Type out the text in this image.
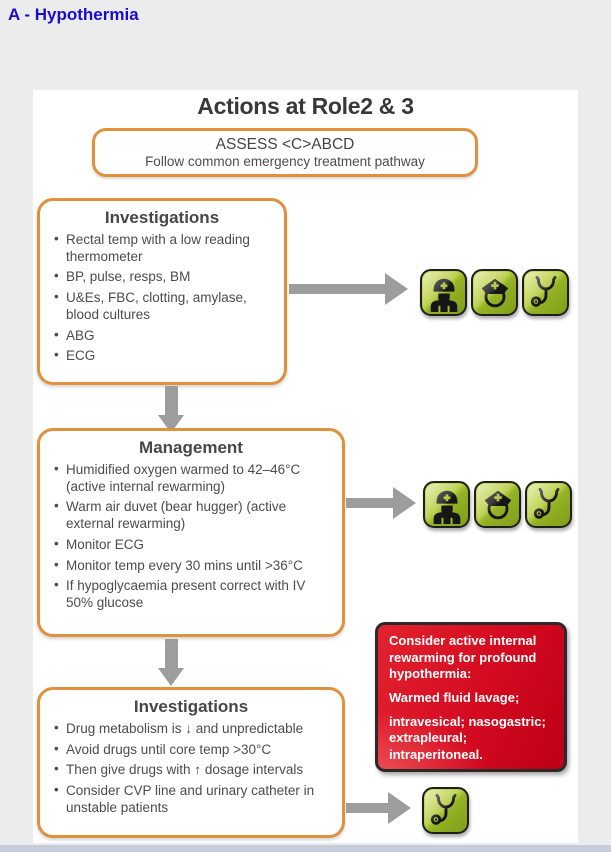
A - Hypothermia
Actions at Role2 & 3
ASSESS <C>ABCD
Follow common emergency treatment pathway
Investigations
• Rectal temp with a low reading thermometer
• BP, pulse, resps, BM
• U&Es, FBC, clotting, amylase, blood cultures
• ABG
• ECG
Management
• Humidified oxygen warmed to 42–46°C (active internal rewarming)
• Warm air duvet (bear hugger) (active external rewarming)
• Monitor ECG
• Monitor temp every 30 mins until >36°C
• If hypoglycaemia present correct with IV 50% glucose

Consider active internal rewarming for profound hypothermia:

Warmed fluid lavage;

intravesical; nasogastric; extrapleural; intraperitoneal.

Investigations
• Drug metabolism is ↓ and unpredictable
• Avoid drugs until core temp >30°C
• Then give drugs with ↑ dosage intervals
• Consider CVP line and urinary catheter in unstable patients
